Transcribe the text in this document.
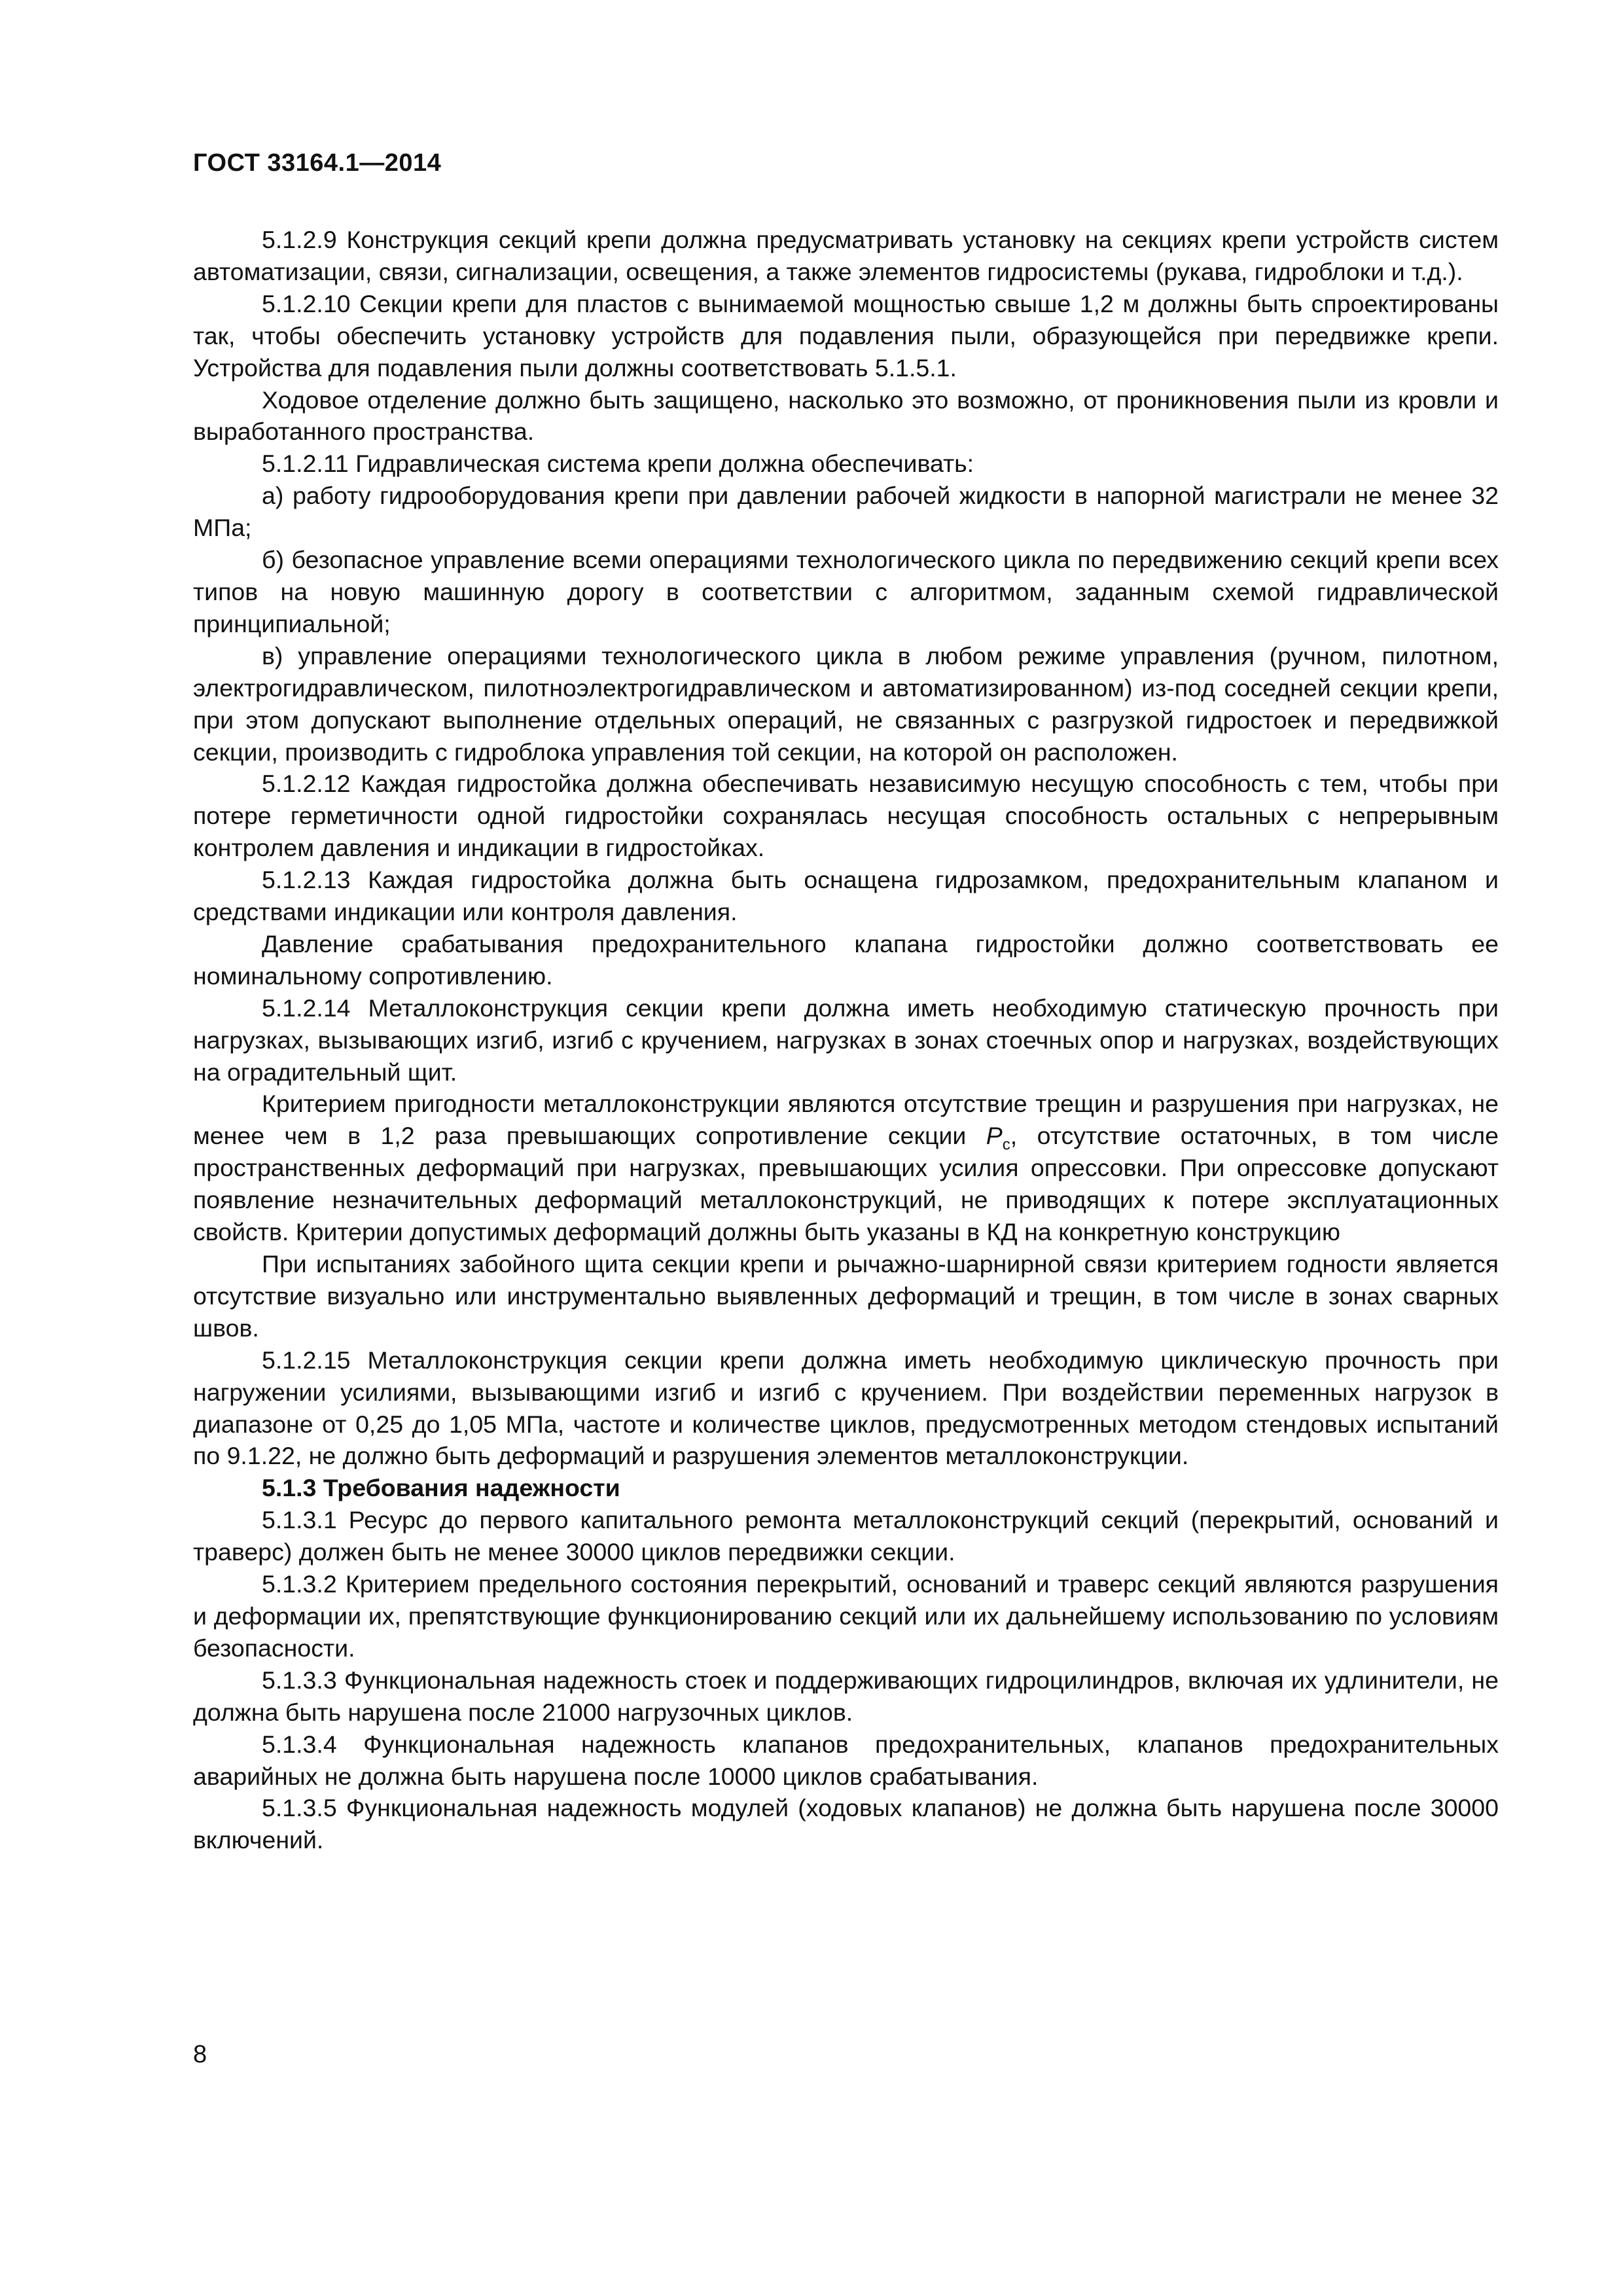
ГОСТ 33164.1—2014

5.1.2.9 Конструкция секций крепи должна предусматривать установку на секциях крепи устройств систем автоматизации, связи, сигнализации, освещения, а также элементов гидросистемы (рукава, гидроблоки и т.д.).

5.1.2.10 Секции крепи для пластов с вынимаемой мощностью свыше 1,2 м должны быть спроектированы так, чтобы обеспечить установку устройств для подавления пыли, образующейся при передвижке крепи. Устройства для подавления пыли должны соответствовать 5.1.5.1.

Ходовое отделение должно быть защищено, насколько это возможно, от проникновения пыли из кровли и выработанного пространства.

5.1.2.11 Гидравлическая система крепи должна обеспечивать:

а) работу гидрооборудования крепи при давлении рабочей жидкости в напорной магистрали не менее 32 МПа;

б) безопасное управление всеми операциями технологического цикла по передвижению секций крепи всех типов на новую машинную дорогу в соответствии с алгоритмом, заданным схемой гидравлической принципиальной;

в) управление операциями технологического цикла в любом режиме управления (ручном, пилотном, электрогидравлическом, пилотноэлектрогидравлическом и автоматизированном) из-под соседней секции крепи, при этом допускают выполнение отдельных операций, не связанных с разгрузкой гидростоек и передвижкой секции, производить с гидроблока управления той секции, на которой он расположен.

5.1.2.12 Каждая гидростойка должна обеспечивать независимую несущую способность с тем, чтобы при потере герметичности одной гидростойки сохранялась несущая способность остальных с непрерывным контролем давления и индикации в гидростойках.

5.1.2.13 Каждая гидростойка должна быть оснащена гидрозамком, предохранительным клапаном и средствами индикации или контроля давления.

Давление срабатывания предохранительного клапана гидростойки должно соответствовать ее номинальному сопротивлению.

5.1.2.14 Металлоконструкция секции крепи должна иметь необходимую статическую прочность при нагрузках, вызывающих изгиб, изгиб с кручением, нагрузках в зонах стоечных опор и нагрузках, воздействующих на оградительный щит.

Критерием пригодности металлоконструкции являются отсутствие трещин и разрушения при нагрузках, не менее чем в 1,2 раза превышающих сопротивление секции $P_c$, отсутствие остаточных, в том числе пространственных деформаций при нагрузках, превышающих усилия опрессовки. При опрессовке допускают появление незначительных деформаций металлоконструкций, не приводящих к потере эксплуатационных свойств. Критерии допустимых деформаций должны быть указаны в КД на конкретную конструкцию

При испытаниях забойного щита секции крепи и рычажно-шарнирной связи критерием годности является отсутствие визуально или инструментально выявленных деформаций и трещин, в том числе в зонах сварных швов.

5.1.2.15 Металлоконструкция секции крепи должна иметь необходимую циклическую прочность при нагружении усилиями, вызывающими изгиб и изгиб с кручением. При воздействии переменных нагрузок в диапазоне от 0,25 до 1,05 МПа, частоте и количестве циклов, предусмотренных методом стендовых испытаний по 9.1.22, не должно быть деформаций и разрушения элементов металлоконструкции.

5.1.3 Требования надежности

5.1.3.1 Ресурс до первого капитального ремонта металлоконструкций секций (перекрытий, оснований и траверс) должен быть не менее 30000 циклов передвижки секции.

5.1.3.2 Критерием предельного состояния перекрытий, оснований и траверс секций являются разрушения и деформации их, препятствующие функционированию секций или их дальнейшему использованию по условиям безопасности.

5.1.3.3 Функциональная надежность стоек и поддерживающих гидроцилиндров, включая их удлинители, не должна быть нарушена после 21000 нагрузочных циклов.

5.1.3.4 Функциональная надежность клапанов предохранительных, клапанов предохранительных аварийных не должна быть нарушена после 10000 циклов срабатывания.

5.1.3.5 Функциональная надежность модулей (ходовых клапанов) не должна быть нарушена после 30000 включений.

8
